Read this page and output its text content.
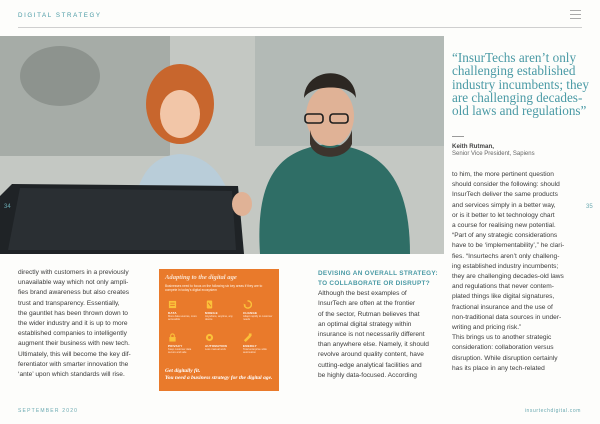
DIGITAL STRATEGY
34	35
“InsurTechs aren’t only challenging established industry incumbents; they are challenging decades-old laws and regulations”
Keith Rutman,
Senior Vice President, Sapiens

directly with customers in a previously

unavailable way which not only ampli-

fies brand awareness but also creates

trust and transparency. Essentially,

the gauntlet has been thrown down to

the wider industry and it is up to more

established companies to intelligently

augment their business with new tech.

Ultimately, this will become the key dif-

ferentiator with smarter innovation the

‘ante’ upon which standards will rise.

Adapting to the digital age
Businesses need to focus on the following six key areas if they are to compete in today’s digital ecosystem
DATA
More data sources, more accessible
MOBILE
Anywhere, anytime, any device
CHANGE
Adapt rapidly to customer needs
PRIVACY
Keep customer data secure and safe
AUTOMATION
Less manual work
ENERGY
Total enterprise wide automation
Get digitally fit.
You need a business strategy for the digital age.
DEVISING AN OVERALL STRATEGY:
TO COLLABORATE OR DISRUPT?

Although the best examples of

InsurTech are often at the frontier

of the sector, Rutman believes that

an optimal digital strategy within

insurance is not necessarily different

than anywhere else. Namely, it should

revolve around quality content, have

cutting-edge analytical facilities and

be highly data-focused. According

to him, the more pertinent question

should consider the following: should

InsurTech deliver the same products

and services simply in a better way,

or is it better to let technology chart

a course for realising new potential.

“Part of any strategic considerations

have to be ‘implementability’,” he clari-

fies. “Insurtechs aren’t only challeng-

ing established industry incumbents;

they are challenging decades-old laws

and regulations that never contem-

plated things like digital signatures,

fractional insurance and the use of

non-traditional data sources in under-

writing and pricing risk.”

This brings us to another strategic

consideration: collaboration versus

disruption. While disruption certainly

has its place in any tech-related

SEPTEMBER 2020	insurtechdigital.com
